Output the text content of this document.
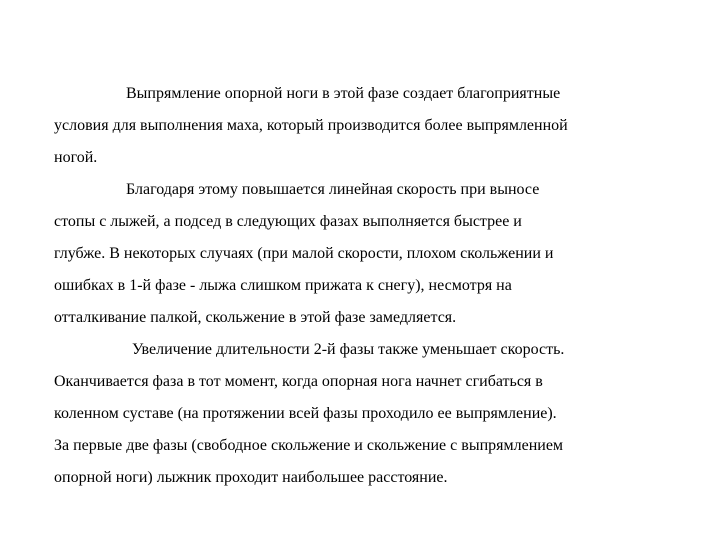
Выпрямление опорной ноги в этой фазе создает благоприятные
условия для выполнения маха, который производится более выпрямленной
ногой.
Благодаря этому повышается линейная скорость при выносе
стопы с лыжей, а подсед в следующих фазах выполняется быстрее и
глубже. В некоторых случаях (при малой скорости, плохом скольжении и
ошибках в 1-й фазе - лыжа слишком прижата к снегу), несмотря на
отталкивание палкой, скольжение в этой фазе замедляется.
Увеличение длительности 2-й фазы также уменьшает скорость.
Оканчивается фаза в тот момент, когда опорная нога начнет сгибаться в
коленном суставе (на протяжении всей фазы проходило ее выпрямление).
За первые две фазы (свободное скольжение и скольжение с выпрямлением
опорной ноги) лыжник проходит наибольшее расстояние.
